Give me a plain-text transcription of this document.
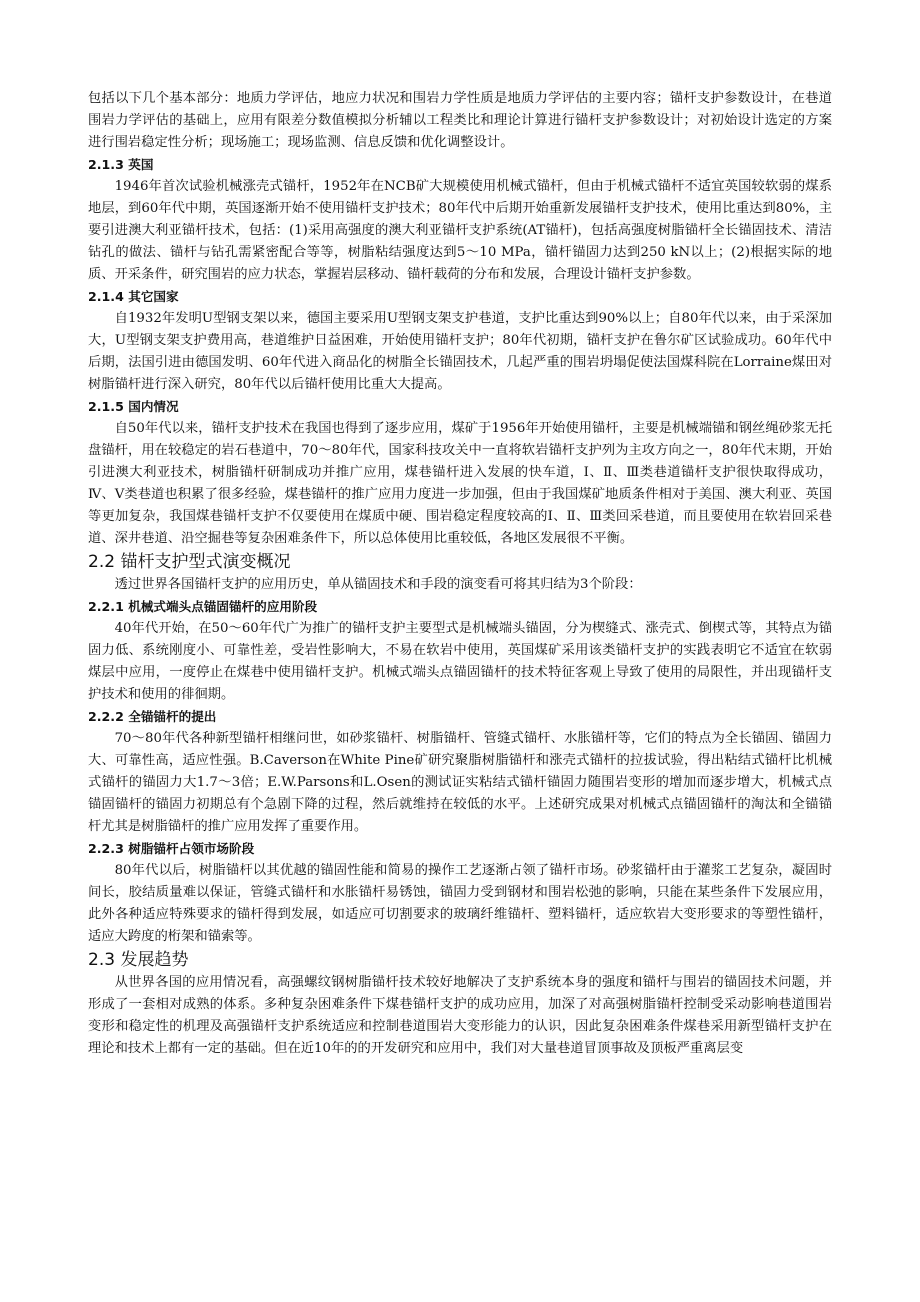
包括以下几个基本部分：地质力学评估，地应力状况和围岩力学性质是地质力学评估的主要内容；锚杆支护参数设计，在巷道围岩力学评估的基础上，应用有限差分数值模拟分析辅以工程类比和理论计算进行锚杆支护参数设计；对初始设计选定的方案进行围岩稳定性分析；现场施工；现场监测、信息反馈和优化调整设计。

2.1.3 英国

1946年首次试验机械涨壳式锚杆，1952年在NCB矿大规模使用机械式锚杆，但由于机械式锚杆不适宜英国较软弱的煤系地层，到60年代中期，英国逐渐开始不使用锚杆支护技术；80年代中后期开始重新发展锚杆支护技术，使用比重达到80%，主要引进澳大利亚锚杆技术，包括：(1)采用高强度的澳大利亚锚杆支护系统(AT锚杆)，包括高强度树脂锚杆全长锚固技术、清洁钻孔的做法、锚杆与钻孔需紧密配合等等，树脂粘结强度达到5～10 MPa，锚杆锚固力达到250 kN以上；(2)根据实际的地质、开采条件，研究围岩的应力状态，掌握岩层移动、锚杆载荷的分布和发展，合理设计锚杆支护参数。

2.1.4 其它国家

自1932年发明U型钢支架以来，德国主要采用U型钢支架支护巷道，支护比重达到90%以上；自80年代以来，由于采深加大，U型钢支架支护费用高，巷道维护日益困难，开始使用锚杆支护；80年代初期，锚杆支护在鲁尔矿区试验成功。60年代中后期，法国引进由德国发明、60年代进入商品化的树脂全长锚固技术，几起严重的围岩坍塌促使法国煤科院在Lorraine煤田对树脂锚杆进行深入研究，80年代以后锚杆使用比重大大提高。

2.1.5 国内情况

自50年代以来，锚杆支护技术在我国也得到了逐步应用，煤矿于1956年开始使用锚杆，主要是机械端锚和钢丝绳砂浆无托盘锚杆，用在较稳定的岩石巷道中，70～80年代，国家科技攻关中一直将软岩锚杆支护列为主攻方向之一，80年代末期，开始引进澳大利亚技术，树脂锚杆研制成功并推广应用，煤巷锚杆进入发展的快车道，Ⅰ、Ⅱ、Ⅲ类巷道锚杆支护很快取得成功，Ⅳ、Ⅴ类巷道也积累了很多经验，煤巷锚杆的推广应用力度进一步加强，但由于我国煤矿地质条件相对于美国、澳大利亚、英国等更加复杂，我国煤巷锚杆支护不仅要使用在煤质中硬、围岩稳定程度较高的Ⅰ、Ⅱ、Ⅲ类回采巷道，而且要使用在软岩回采巷道、深井巷道、沿空掘巷等复杂困难条件下，所以总体使用比重较低，各地区发展很不平衡。

2.2 锚杆支护型式演变概况

透过世界各国锚杆支护的应用历史，单从锚固技术和手段的演变看可将其归结为3个阶段：

2.2.1 机械式端头点锚固锚杆的应用阶段

40年代开始，在50～60年代广为推广的锚杆支护主要型式是机械端头锚固，分为楔缝式、涨壳式、倒楔式等，其特点为锚固力低、系统刚度小、可靠性差，受岩性影响大，不易在软岩中使用，英国煤矿采用该类锚杆支护的实践表明它不适宜在软弱煤层中应用，一度停止在煤巷中使用锚杆支护。机械式端头点锚固锚杆的技术特征客观上导致了使用的局限性，并出现锚杆支护技术和使用的徘徊期。

2.2.2 全锚锚杆的提出

70～80年代各种新型锚杆相继问世，如砂浆锚杆、树脂锚杆、管缝式锚杆、水胀锚杆等，它们的特点为全长锚固、锚固力大、可靠性高，适应性强。B.Caverson在White Pine矿研究聚脂树脂锚杆和涨壳式锚杆的拉拔试验，得出粘结式锚杆比机械式锚杆的锚固力大1.7～3倍；E.W.Parsons和L.Osen的测试证实粘结式锚杆锚固力随围岩变形的增加而逐步增大，机械式点锚固锚杆的锚固力初期总有个急剧下降的过程，然后就维持在较低的水平。上述研究成果对机械式点锚固锚杆的淘汰和全锚锚杆尤其是树脂锚杆的推广应用发挥了重要作用。

2.2.3 树脂锚杆占领市场阶段

80年代以后，树脂锚杆以其优越的锚固性能和简易的操作工艺逐渐占领了锚杆市场。砂浆锚杆由于灌浆工艺复杂，凝固时间长，胶结质量难以保证，管缝式锚杆和水胀锚杆易锈蚀，锚固力受到钢材和围岩松弛的影响，只能在某些条件下发展应用，此外各种适应特殊要求的锚杆得到发展，如适应可切割要求的玻璃纤维锚杆、塑料锚杆，适应软岩大变形要求的等塑性锚杆，适应大跨度的桁架和锚索等。

2.3 发展趋势

从世界各国的应用情况看，高强螺纹钢树脂锚杆技术较好地解决了支护系统本身的强度和锚杆与围岩的锚固技术问题，并形成了一套相对成熟的体系。多种复杂困难条件下煤巷锚杆支护的成功应用，加深了对高强树脂锚杆控制受采动影响巷道围岩变形和稳定性的机理及高强锚杆支护系统适应和控制巷道围岩大变形能力的认识，因此复杂困难条件煤巷采用新型锚杆支护在理论和技术上都有一定的基础。但在近10年的的开发研究和应用中，我们对大量巷道冒顶事故及顶板严重离层变
